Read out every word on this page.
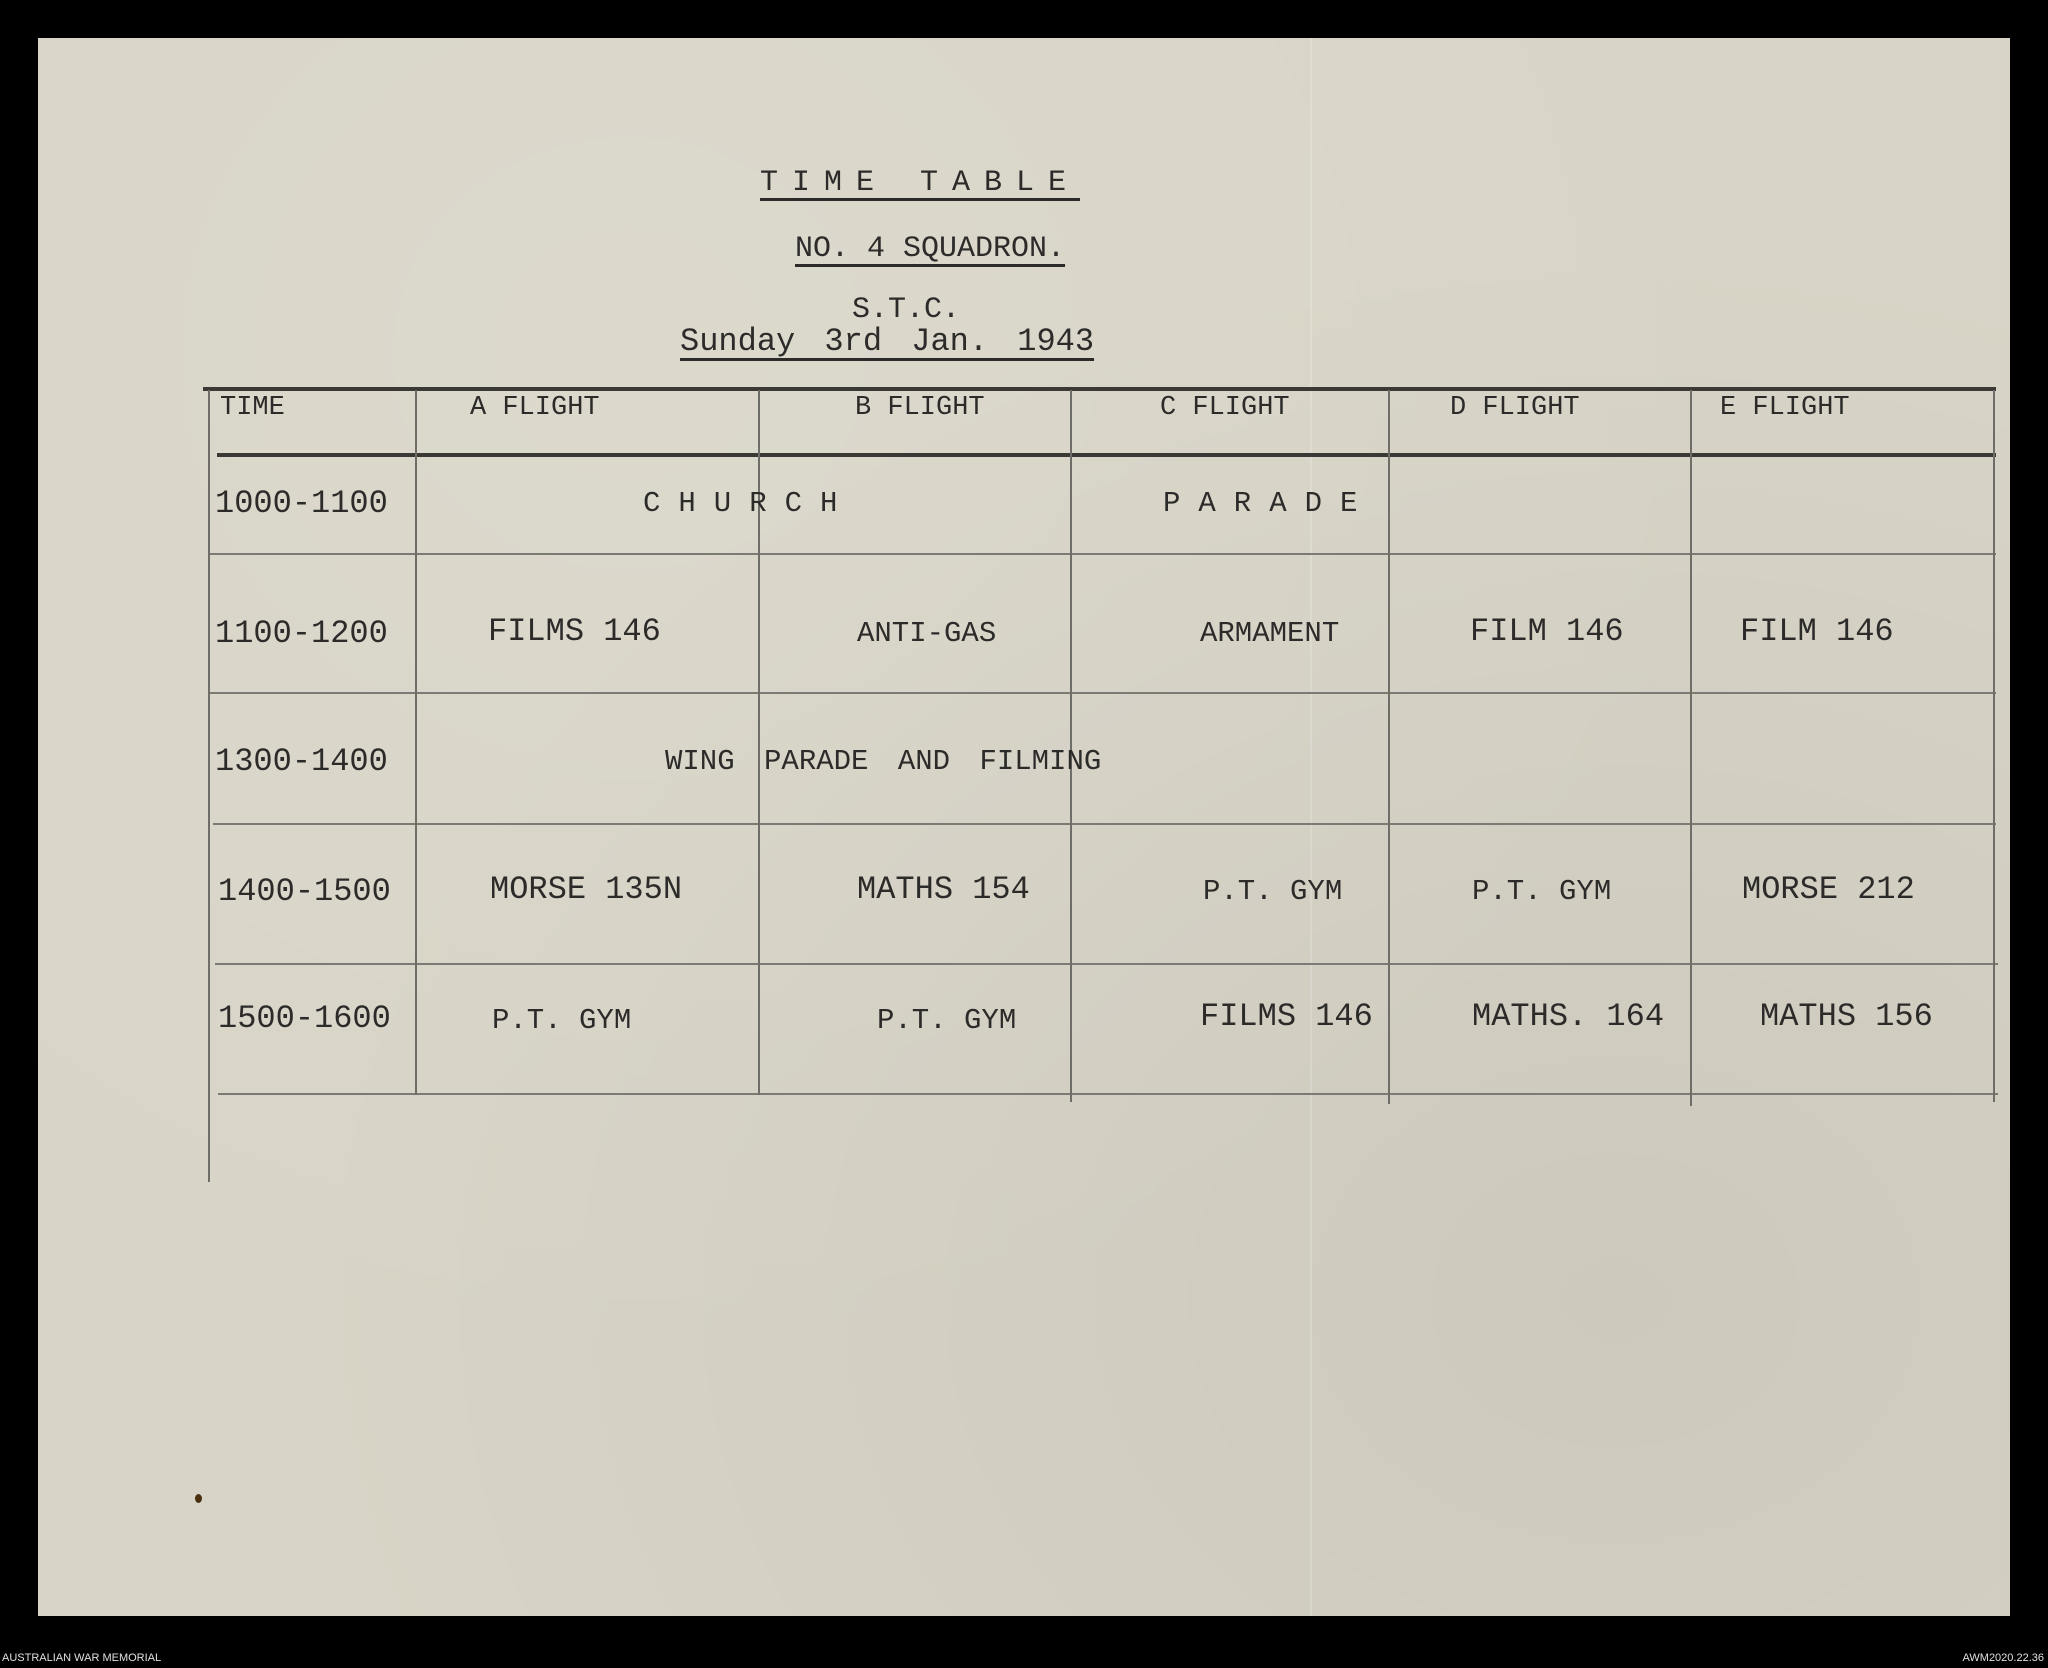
TIME TABLE
NO. 4 SQUADRON.
S.T.C.
Sunday 3rd Jan. 1943
TIME	A FLIGHT	B FLIGHT	C FLIGHT	D FLIGHT	E FLIGHT
1000-1100	CHURCH	PARADE
1100-1200	FILMS 146	ANTI-GAS	ARMAMENT	FILM 146	FILM 146
1300-1400	WING PARADE AND FILMING
1400-1500	MORSE 135N	MATHS 154	P.T. GYM	P.T. GYM	MORSE 212
1500-1600	P.T. GYM	P.T. GYM	FILMS 146	MATHS. 164	MATHS 156
AUSTRALIAN WAR MEMORIAL	AWM2020.22.36
